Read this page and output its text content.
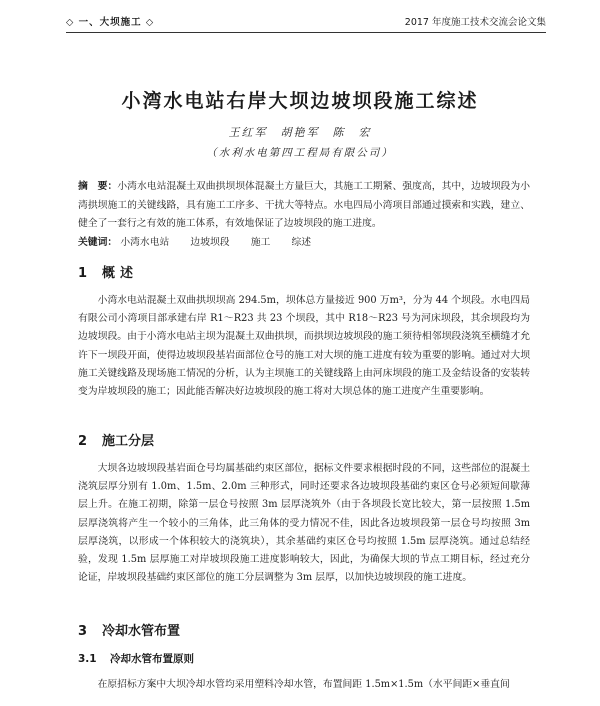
◇ 一、大坝施工 ◇	2017 年度施工技术交流会论文集
小湾水电站右岸大坝边坡坝段施工综述
王红军　胡艳军　陈　宏
（水利水电第四工程局有限公司）
摘　要：小湾水电站混凝土双曲拱坝坝体混凝土方量巨大，其施工工期紧、强度高，其中，边坡坝段为小湾拱坝施工的关键线路，具有施工工序多、干扰大等特点。水电四局小湾项目部通过摸索和实践，建立、健全了一套行之有效的施工体系，有效地保证了边坡坝段的施工进度。
关键词： 小湾水电站 边坡坝段 施工 综述
1 概述
小湾水电站混凝土双曲拱坝坝高 294.5m，坝体总方量接近 900 万m³，分为 44 个坝段。水电四局有限公司小湾项目部承建右岸 R1～R23 共 23 个坝段，其中 R18～R23 号为河床坝段，其余坝段均为边坡坝段。由于小湾水电站主坝为混凝土双曲拱坝，而拱坝边坡坝段的施工须待相邻坝段浇筑至横缝才允许下一坝段开面，使得边坡坝段基岩面部位仓号的施工对大坝的施工进度有较为重要的影响。通过对大坝施工关键线路及现场施工情况的分析，认为主坝施工的关键线路上由河床坝段的施工及金结设备的安装转变为岸坡坝段的施工；因此能否解决好边坡坝段的施工将对大坝总体的施工进度产生重要影响。
2 施工分层
大坝各边坡坝段基岩面仓号均属基础约束区部位，据标文件要求根据时段的不同，这些部位的混凝土浇筑层厚分别有 1.0m、1.5m、2.0m 三种形式，同时还要求各边坡坝段基础约束区仓号必须短间歇薄层上升。在施工初期，除第一层仓号按照 3m 层厚浇筑外（由于各坝段长宽比较大，第一层按照 1.5m 层厚浇筑将产生一个较小的三角体，此三角体的受力情况不佳，因此各边坡坝段第一层仓号均按照 3m 层厚浇筑，以形成一个体积较大的浇筑块），其余基础约束区仓号均按照 1.5m 层厚浇筑。通过总结经验，发现 1.5m 层厚施工对岸坡坝段施工进度影响较大，因此，为确保大坝的节点工期目标，经过充分论证，岸坡坝段基础约束区部位的施工分层调整为 3m 层厚，以加快边坡坝段的施工进度。
3 冷却水管布置
3.1 冷却水管布置原则
在原招标方案中大坝冷却水管均采用塑料冷却水管，布置间距 1.5m×1.5m（水平间距×垂直间
